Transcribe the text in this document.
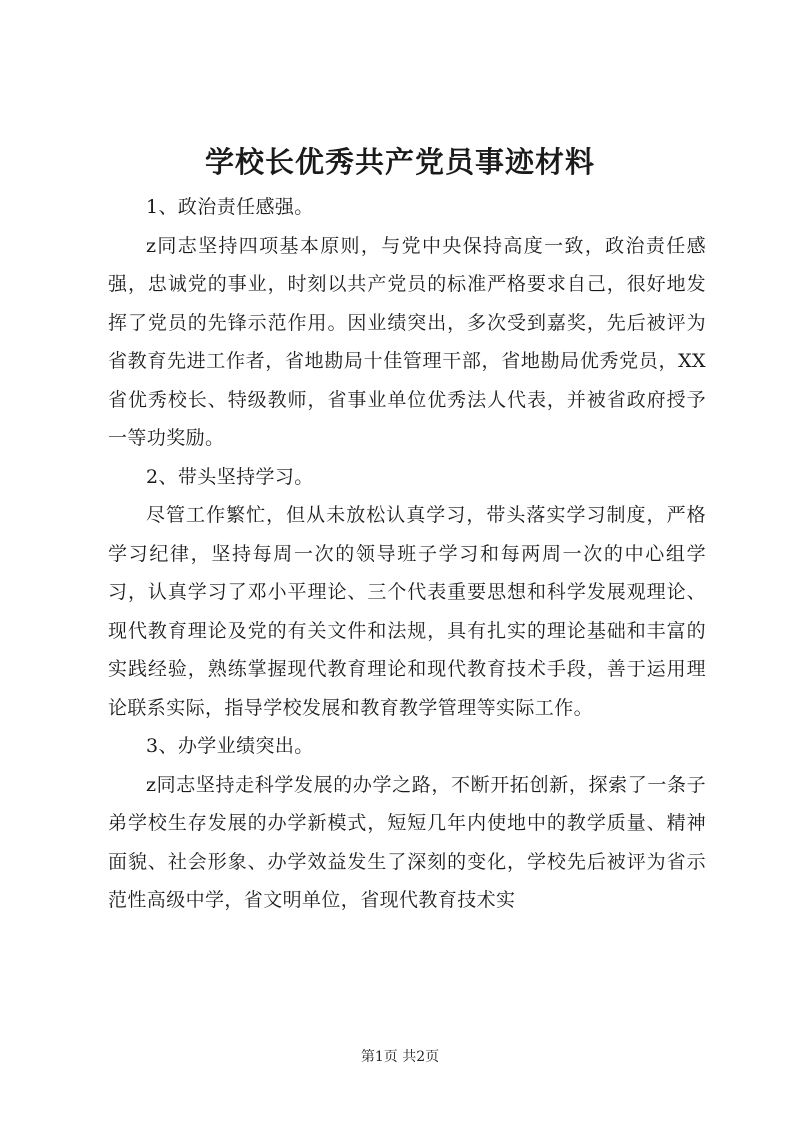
学校长优秀共产党员事迹材料

1、政治责任感强。

z同志坚持四项基本原则，与党中央保持高度一致，政治责任感强，忠诚党的事业，时刻以共产党员的标准严格要求自己，很好地发挥了党员的先锋示范作用。因业绩突出，多次受到嘉奖，先后被评为省教育先进工作者，省地勘局十佳管理干部，省地勘局优秀党员，XX省优秀校长、特级教师，省事业单位优秀法人代表，并被省政府授予一等功奖励。

2、带头坚持学习。

尽管工作繁忙，但从未放松认真学习，带头落实学习制度，严格学习纪律，坚持每周一次的领导班子学习和每两周一次的中心组学习，认真学习了邓小平理论、三个代表重要思想和科学发展观理论、现代教育理论及党的有关文件和法规，具有扎实的理论基础和丰富的实践经验，熟练掌握现代教育理论和现代教育技术手段，善于运用理论联系实际，指导学校发展和教育教学管理等实际工作。

3、办学业绩突出。

z同志坚持走科学发展的办学之路，不断开拓创新，探索了一条子弟学校生存发展的办学新模式，短短几年内使地中的教学质量、精神面貌、社会形象、办学效益发生了深刻的变化，学校先后被评为省示范性高级中学，省文明单位，省现代教育技术实

第1页 共2页
